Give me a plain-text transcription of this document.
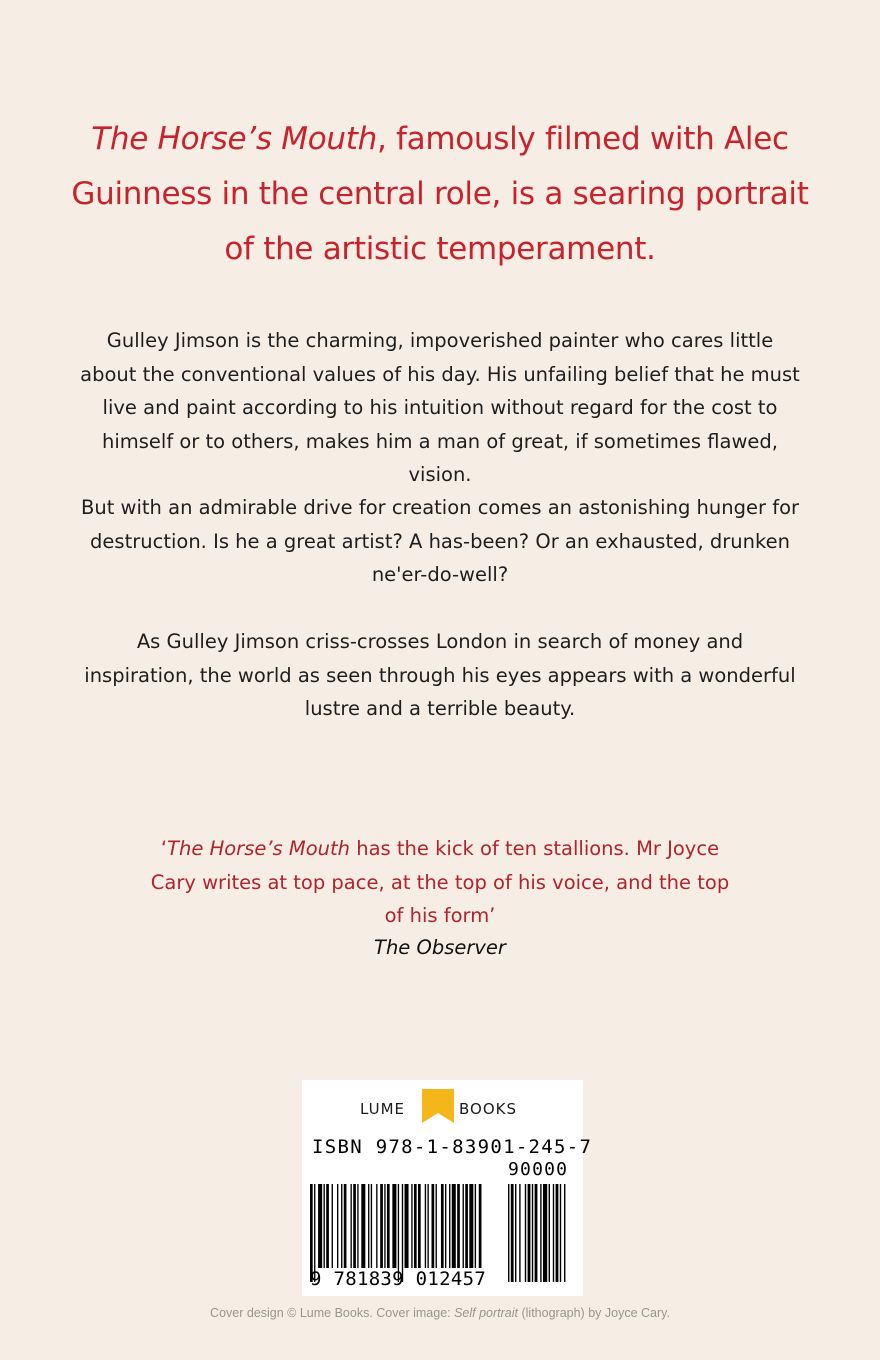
The Horse’s Mouth, famously filmed with Alec
Guinness in the central role, is a searing portrait of the artistic temperament.

Gulley Jimson is the charming, impoverished painter who cares little about the conventional values of his day. His unfailing belief that he must live and paint according to his intuition without regard for the cost to himself or to others, makes him a man of great, if sometimes flawed, vision.

But with an admirable drive for creation comes an astonishing hunger for destruction. Is he a great artist? A has-been? Or an exhausted, drunken ne'er-do-well?

As Gulley Jimson criss-crosses London in search of money and inspiration, the world as seen through his eyes appears with a wonderful lustre and a terrible beauty.

‘The Horse’s Mouth has the kick of ten stallions. Mr Joyce Cary writes at top pace, at the top of his voice, and the top of his form’

The Observer

LUME	BOOKS
ISBN 978-1-83901-245-7
90000
9 781839 012457

Cover design © Lume Books. Cover image: Self portrait (lithograph) by Joyce Cary.
